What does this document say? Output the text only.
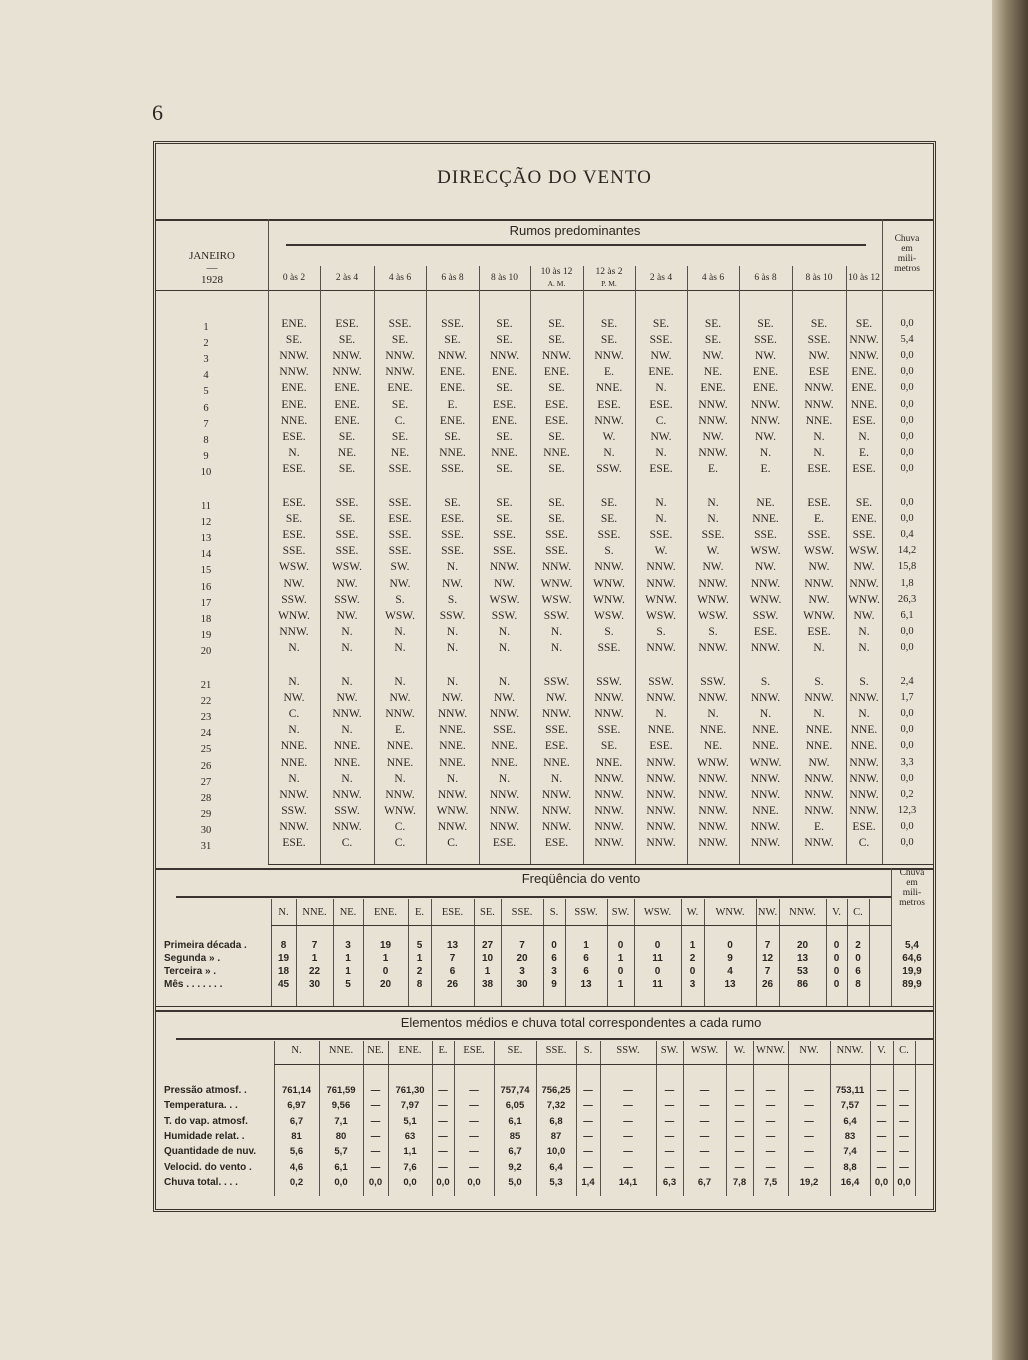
6
DIRECÇÃO DO VENTO
Rumos predominantes
JANEIRO
—
1928
Chuva
em
mili-
metros
0 às 2	2 às 4	4 às 6	6 às 8	8 às 10
10 às 12
A. M.
12 às 2
P. M.
2 às 4	4 às 6	6 às 8	8 às 10	10 às 12
1	ENE.	ESE.	SSE.	SSE.	SE.	SE.	SE.	SE.	SE.	SE.	SE.	SE.	0,0
2	SE.	SE.	SE.	SE.	SE.	SE.	SE.	SSE.	SE.	SSE.	SSE.	NNW.	5,4
3	NNW.	NNW.	NNW.	NNW.	NNW.	NNW.	NNW.	NW.	NW.	NW.	NW.	NNW.	0,0
4	NNW.	NNW.	NNW.	ENE.	ENE.	ENE.	E.	ENE.	NE.	ENE.	ESE	ENE.	0,0
5	ENE.	ENE.	ENE.	ENE.	SE.	SE.	NNE.	N.	ENE.	ENE.	NNW.	ENE.	0,0
6	ENE.	ENE.	SE.	E.	ESE.	ESE.	ESE.	ESE.	NNW.	NNW.	NNW.	NNE.	0,0
7	NNE.	ENE.	C.	ENE.	ENE.	ESE.	NNW.	C.	NNW.	NNW.	NNE.	ESE.	0,0
8	ESE.	SE.	SE.	SE.	SE.	SE.	W.	NW.	NW.	NW.	N.	N.	0,0
9	N.	NE.	NE.	NNE.	NNE.	NNE.	N.	N.	NNW.	N.	N.	E.	0,0
10	ESE.	SE.	SSE.	SSE.	SE.	SE.	SSW.	ESE.	E.	E.	ESE.	ESE.	0,0
11	ESE.	SSE.	SSE.	SE.	SE.	SE.	SE.	N.	N.	NE.	ESE.	SE.	0,0
12	SE.	SE.	ESE.	ESE.	SE.	SE.	SE.	N.	N.	NNE.	E.	ENE.	0,0
13	ESE.	SSE.	SSE.	SSE.	SSE.	SSE.	SSE.	SSE.	SSE.	SSE.	SSE.	SSE.	0,4
14	SSE.	SSE.	SSE.	SSE.	SSE.	SSE.	S.	W.	W.	WSW.	WSW.	WSW.	14,2
15	WSW.	WSW.	SW.	N.	NNW.	NNW.	NNW.	NNW.	NW.	NW.	NW.	NW.	15,8
16	NW.	NW.	NW.	NW.	NW.	WNW.	WNW.	NNW.	NNW.	NNW.	NNW.	NNW.	1,8
17	SSW.	SSW.	S.	S.	WSW.	WSW.	WNW.	WNW.	WNW.	WNW.	NW.	WNW.	26,3
18	WNW.	NW.	WSW.	SSW.	SSW.	SSW.	WSW.	WSW.	WSW.	SSW.	WNW.	NW.	6,1
19	NNW.	N.	N.	N.	N.	N.	S.	S.	S.	ESE.	ESE.	N.	0,0
20	N.	N.	N.	N.	N.	N.	SSE.	NNW.	NNW.	NNW.	N.	N.	0,0
21	N.	N.	N.	N.	N.	SSW.	SSW.	SSW.	SSW.	S.	S.	S.	2,4
22	NW.	NW.	NW.	NW.	NW.	NW.	NNW.	NNW.	NNW.	NNW.	NNW.	NNW.	1,7
23	C.	NNW.	NNW.	NNW.	NNW.	NNW.	NNW.	N.	N.	N.	N.	N.	0,0
24	N.	N.	E.	NNE.	SSE.	SSE.	SSE.	NNE.	NNE.	NNE.	NNE.	NNE.	0,0
25	NNE.	NNE.	NNE.	NNE.	NNE.	ESE.	SE.	ESE.	NE.	NNE.	NNE.	NNE.	0,0
26	NNE.	NNE.	NNE.	NNE.	NNE.	NNE.	NNE.	NNW.	WNW.	WNW.	NW.	NNW.	3,3
27	N.	N.	N.	N.	N.	N.	NNW.	NNW.	NNW.	NNW.	NNW.	NNW.	0,0
28	NNW.	NNW.	NNW.	NNW.	NNW.	NNW.	NNW.	NNW.	NNW.	NNW.	NNW.	NNW.	0,2
29	SSW.	SSW.	WNW.	WNW.	NNW.	NNW.	NNW.	NNW.	NNW.	NNE.	NNW.	NNW.	12,3
30	NNW.	NNW.	C.	NNW.	NNW.	NNW.	NNW.	NNW.	NNW.	NNW.	E.	ESE.	0,0
31	ESE.	C.	C.	C.	ESE.	ESE.	NNW.	NNW.	NNW.	NNW.	NNW.	C.	0,0
Freqüência do vento	Chuva
em
mili-
metros
N.	NNE.	NE.	ENE.	E.	ESE.	SE.	SSE.	S.	SSW.	SW.	WSW.	W.	WNW.	NW.	NNW.	V.	C.
Primeira década .	8	7	3	19	5	13	27	7	0	1	0	0	1	0	7	20	0	2	5,4
Segunda » .	19	1	1	1	1	7	10	20	6	6	1	11	2	9	12	13	0	0	64,6
Terceira » .	18	22	1	0	2	6	1	3	3	6	0	0	0	4	7	53	0	6	19,9
Mês . . . . . . .	45	30	5	20	8	26	38	30	9	13	1	11	3	13	26	86	0	8	89,9
Elementos médios e chuva total correspondentes a cada rumo
N.	NNE.	NE.	ENE.	E.	ESE.	SE.	SSE.	S.	SSW.	SW.	WSW.	W.	WNW.	NW.	NNW.	V.	C.
Pressão atmosf. .	761,14	761,59	—	761,30	—	—	757,74	756,25	—	—	—	—	—	—	—	753,11	—	—
Temperatura. . .	6,97	9,56	—	7,97	—	—	6,05	7,32	—	—	—	—	—	—	—	7,57	—	—
T. do vap. atmosf.	6,7	7,1	—	5,1	—	—	6,1	6,8	—	—	—	—	—	—	—	6,4	—	—
Humidade relat. .	81	80	—	63	—	—	85	87	—	—	—	—	—	—	—	83	—	—
Quantidade de nuv.	5,6	5,7	—	1,1	—	—	6,7	10,0	—	—	—	—	—	—	—	7,4	—	—
Velocid. do vento .	4,6	6,1	—	7,6	—	—	9,2	6,4	—	—	—	—	—	—	—	8,8	—	—
Chuva total. . . .	0,2	0,0	0,0	0,0	0,0	0,0	5,0	5,3	1,4	14,1	6,3	6,7	7,8	7,5	19,2	16,4	0,0 0,0
